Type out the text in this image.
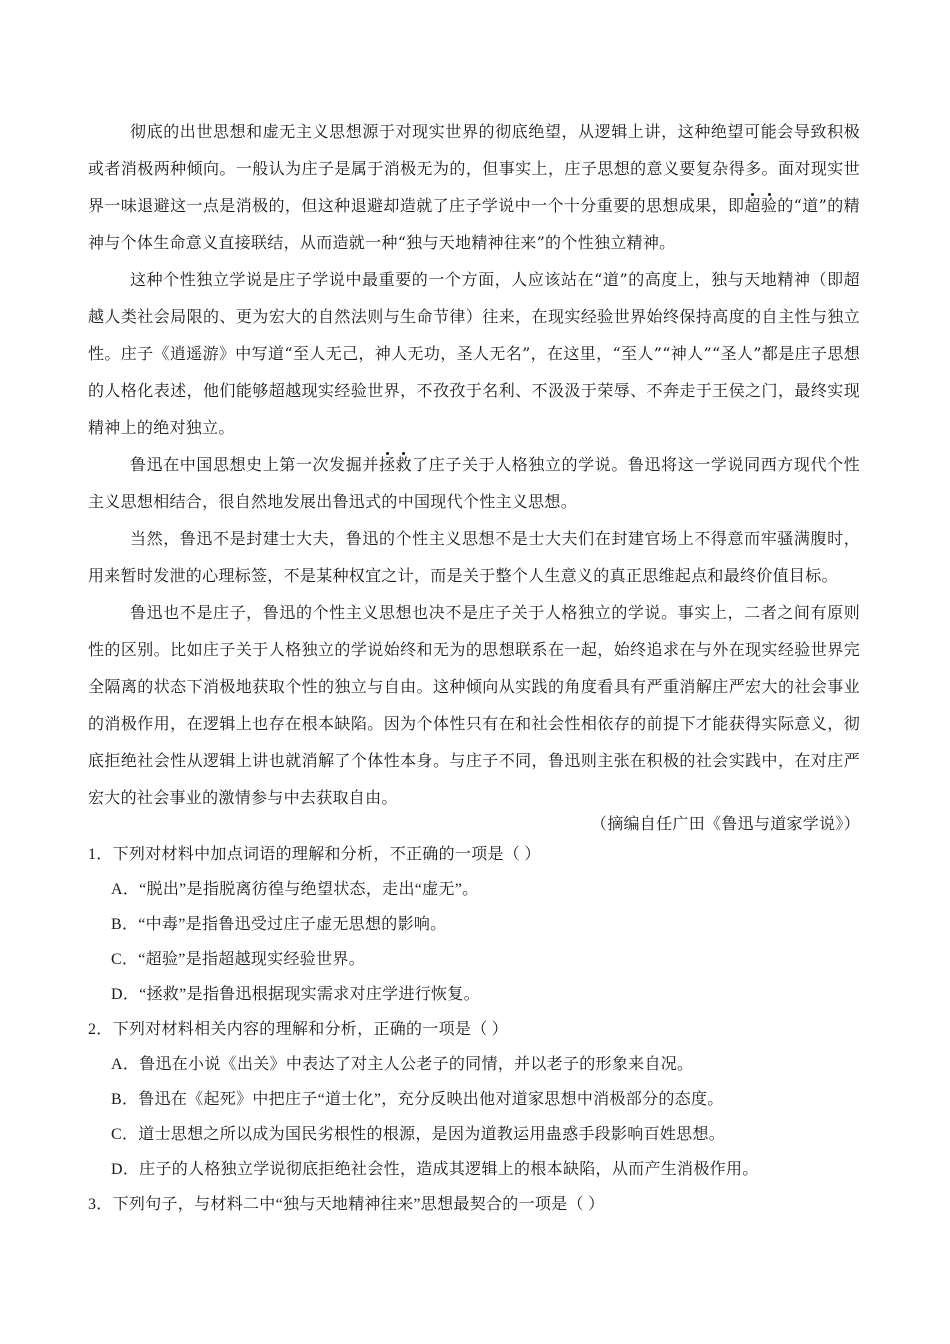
彻底的出世思想和虚无主义思想源于对现实世界的彻底绝望，从逻辑上讲，这种绝望可能会导致积极或者消极两种倾向。一般认为庄子是属于消极无为的，但事实上，庄子思想的意义要复杂得多。面对现实世界一味退避这一点是消极的，但这种退避却造就了庄子学说中一个十分重要的思想成果，即超验的“道”的精神与个体生命意义直接联结，从而造就一种“独与天地精神往来”的个性独立精神。

这种个性独立学说是庄子学说中最重要的一个方面，人应该站在“道”的高度上，独与天地精神（即超越人类社会局限的、更为宏大的自然法则与生命节律）往来，在现实经验世界始终保持高度的自主性与独立性。庄子《逍遥游》中写道“至人无己，神人无功，圣人无名”，在这里，“至人”“神人”“圣人”都是庄子思想的人格化表述，他们能够超越现实经验世界，不孜孜于名利、不汲汲于荣辱、不奔走于王侯之门，最终实现精神上的绝对独立。

鲁迅在中国思想史上第一次发掘并拯救了庄子关于人格独立的学说。鲁迅将这一学说同西方现代个性主义思想相结合，很自然地发展出鲁迅式的中国现代个性主义思想。

当然，鲁迅不是封建士大夫，鲁迅的个性主义思想不是士大夫们在封建官场上不得意而牢骚满腹时，用来暂时发泄的心理标签，不是某种权宜之计，而是关于整个人生意义的真正思维起点和最终价值目标。

鲁迅也不是庄子，鲁迅的个性主义思想也决不是庄子关于人格独立的学说。事实上，二者之间有原则性的区别。比如庄子关于人格独立的学说始终和无为的思想联系在一起，始终追求在与外在现实经验世界完全隔离的状态下消极地获取个性的独立与自由。这种倾向从实践的角度看具有严重消解庄严宏大的社会事业的消极作用，在逻辑上也存在根本缺陷。因为个体性只有在和社会性相依存的前提下才能获得实际意义，彻底拒绝社会性从逻辑上讲也就消解了个体性本身。与庄子不同，鲁迅则主张在积极的社会实践中，在对庄严宏大的社会事业的激情参与中去获取自由。

（摘编自任广田《鲁迅与道家学说》）

1．下列对材料中加点词语的理解和分析，不正确的一项是（ ）

A．“脱出”是指脱离彷徨与绝望状态，走出“虚无”。

B．“中毒”是指鲁迅受过庄子虚无思想的影响。

C．“超验”是指超越现实经验世界。

D．“拯救”是指鲁迅根据现实需求对庄学进行恢复。

2．下列对材料相关内容的理解和分析，正确的一项是（ ）

A．鲁迅在小说《出关》中表达了对主人公老子的同情，并以老子的形象来自况。

B．鲁迅在《起死》中把庄子“道士化”，充分反映出他对道家思想中消极部分的态度。

C．道士思想之所以成为国民劣根性的根源，是因为道教运用蛊惑手段影响百姓思想。

D．庄子的人格独立学说彻底拒绝社会性，造成其逻辑上的根本缺陷，从而产生消极作用。

3．下列句子，与材料二中“独与天地精神往来”思想最契合的一项是（ ）
